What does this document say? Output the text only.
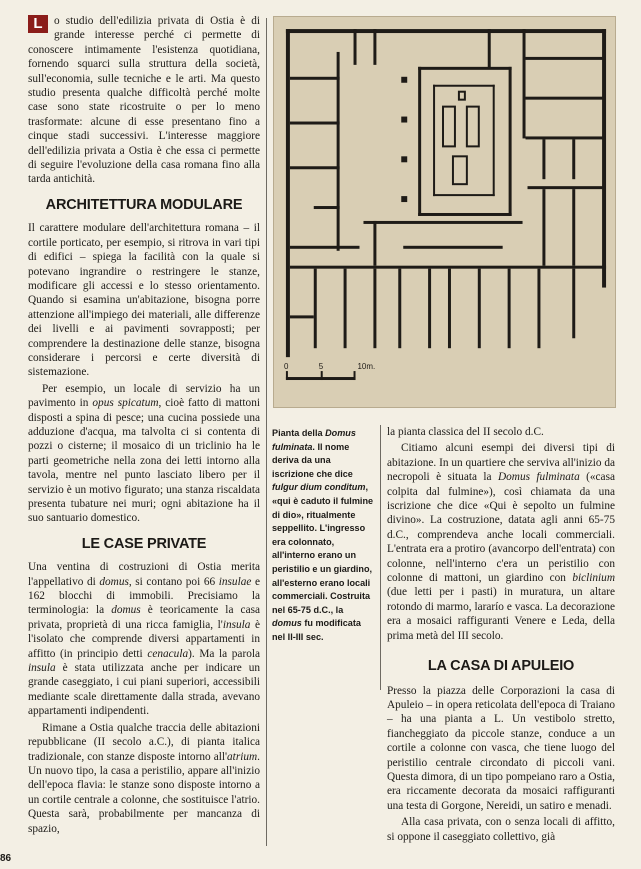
L	o studio dell'edilizia privata di Ostia è di grande interesse perché ci permette di conoscere intimamente l'esistenza quotidiana, fornendo squarci sulla struttura della società, sull'economia, sulle tecniche e le arti. Ma questo studio presenta qualche difficoltà perché molte case sono state ricostruite o per lo meno trasformate: alcune di esse presentano fino a cinque stadi successivi. L'interesse maggiore dell'edilizia privata a Ostia è che essa ci permette di seguire l'evoluzione della casa romana fino alla tarda antichità.

ARCHITETTURA MODULARE

Il carattere modulare dell'architettura romana – il cortile porticato, per esempio, si ritrova in vari tipi di edifici – spiega la facilità con la quale si potevano ingrandire o restringere le stanze, modificare gli accessi e lo stesso orientamento. Quando si esamina un'abitazione, bisogna porre attenzione all'impiego dei materiali, alle differenze dei livelli e ai pavimenti sovrapposti; per comprendere la destinazione delle stanze, bisogna considerare i percorsi e certe diversità di sistemazione.

Per esempio, un locale di servizio ha un pavimento in opus spicatum, cioè fatto di mattoni disposti a spina di pesce; una cucina possiede una adduzione d'acqua, ma talvolta ci si contenta di pozzi o cisterne; il mosaico di un triclinio ha le parti geometriche nella zona dei letti intorno alla tavola, mentre nel punto lasciato libero per il servizio è un motivo figurato; una stanza riscaldata presenta tubature nei muri; ogni abitazione ha il suo santuario domestico.

LE CASE PRIVATE

Una ventina di costruzioni di Ostia merita l'appellativo di domus, si contano poi 66 insulae e 162 blocchi di immobili. Precisiamo la terminologia: la domus è teoricamente la casa privata, proprietà di una ricca famiglia, l'insula è l'isolato che comprende diversi appartamenti in affitto (in principio detti cenacula). Ma la parola insula è stata utilizzata anche per indicare un grande caseggiato, i cui piani superiori, accessibili mediante scale direttamente dalla strada, avevano appartamenti indipendenti.

Rimane a Ostia qualche traccia delle abitazioni repubblicane (II secolo a.C.), di pianta italica tradizionale, con stanze disposte intorno all'atrium. Un nuovo tipo, la casa a peristilio, appare all'inizio dell'epoca flavia: le stanze sono disposte intorno a un cortile centrale a colonne, che sostituisce l'atrio. Questa sarà, probabilmente per mancanza di spazio,

0	5	10m.
Pianta della Domus fulminata. Il nome deriva da una iscrizione che dice fulgur dium conditum, «qui è caduto il fulmine di dio», ritualmente seppellito. L'ingresso era colonnato, all'interno erano un peristilio e un giardino, all'esterno erano locali commerciali. Costruita nel 65-75 d.C., la domus fu modificata nel II-III sec.

la pianta classica del II secolo d.C.

Citiamo alcuni esempi dei diversi tipi di abitazione. In un quartiere che serviva all'inizio da necropoli è situata la Domus fulminata («casa colpita dal fulmine»), così chiamata da una iscrizione che dice «Qui è sepolto un fulmine divino». La costruzione, datata agli anni 65-75 d.C., comprendeva anche locali commerciali. L'entrata era a protiro (avancorpo dell'entrata) con colonne, nell'interno c'era un peristilio con colonne di mattoni, un giardino con biclinium (due letti per i pasti) in muratura, un altare rotondo di marmo, lararío e vasca. La decorazione era a mosaici raffiguranti Venere e Leda, della prima metà del III secolo.

LA CASA DI APULEIO

Presso la piazza delle Corporazioni la casa di Apuleio – in opera reticolata dell'epoca di Traiano – ha una pianta a L. Un vestibolo stretto, fiancheggiato da piccole stanze, conduce a un cortile a colonne con vasca, che tiene luogo del peristilio centrale circondato di piccoli vani. Questa dimora, di un tipo pompeiano raro a Ostia, era riccamente decorata da mosaici raffiguranti una testa di Gorgone, Nereidi, un satiro e menadi.

Alla casa privata, con o senza locali di affitto, si oppone il caseggiato collettivo, già

86
